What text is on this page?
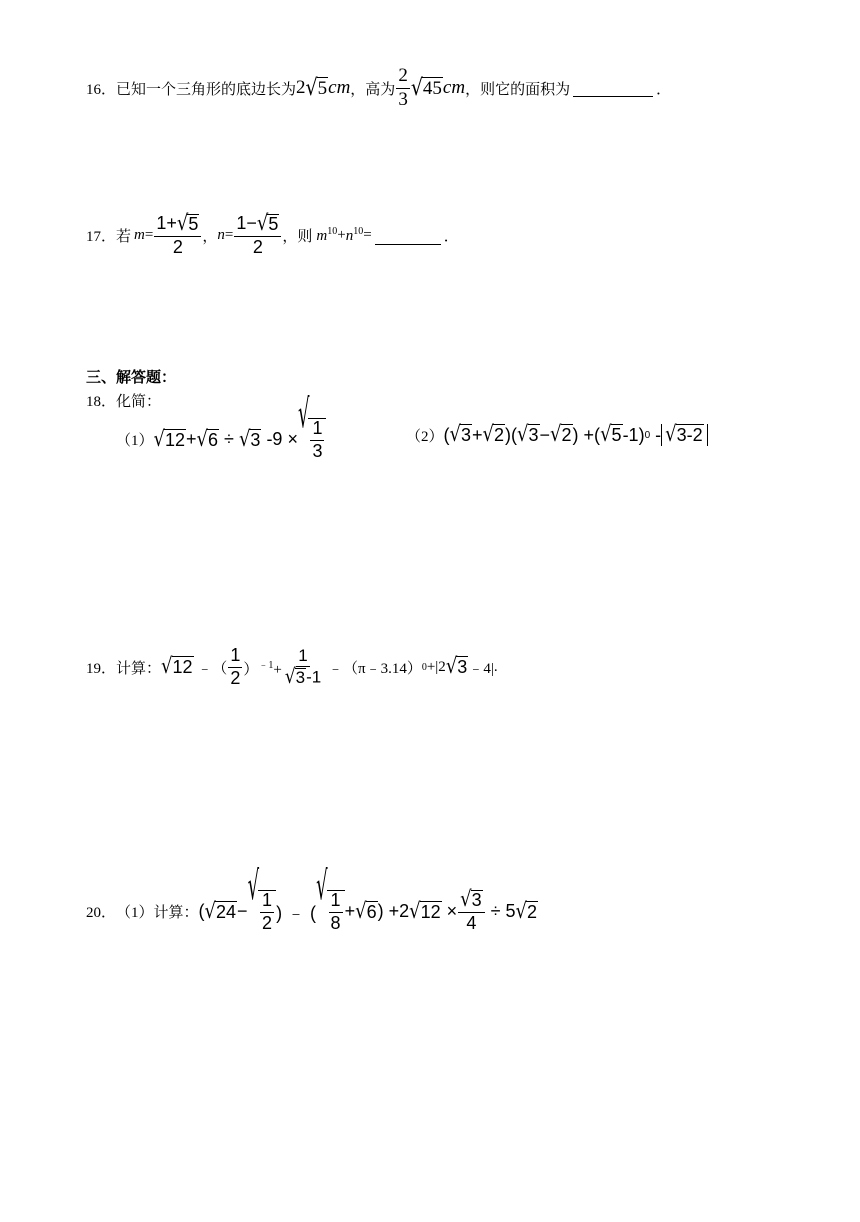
16． 已知一个三角形的底边长为 2 √ 5 cm ，高为 $\frac{2}{3}$ √ 45 cm ，则它的面积为
	．
17． 若 $m = \frac{1+ √ 5}{2}$ ， $n = \frac{1- √ 5}{2}$ ， 则 $m^{10} + n^{10}$ =
	．
三、解答题：
18． 化简：
（1） √ 12 + √ 6 ÷ √ 3 -9 ×
√
$\frac{1}{3}$	（2） ( √ 3 + √ 2 )( √ 3 − √ 2 ) +( √ 5 -1) 0 - √ 3-2
19． 计算： √ 12 ﹣（ $\frac{1}{2} )^{﹣1}+ \frac{1}{√ 3 -1}$ ﹣ （π﹣3.14） 0 +|2 √ 3 ﹣4| .
20． （1）计算： ( √ 24 −
√
$\frac{1}{2}$ ) ﹣ (
√
$\frac{1}{8}$ + √ 6 ) +2 √ $12 \times \frac{√ 3}{4} \div 5$ √ 2
